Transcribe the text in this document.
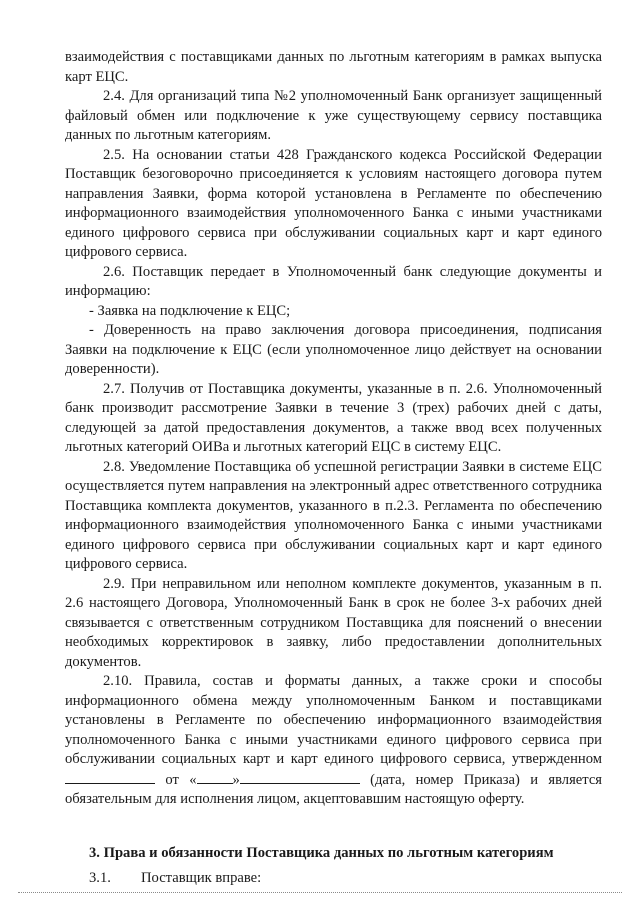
взаимодействия с поставщиками данных по льготным категориям в рамках выпуска карт ЕЦС.

2.4. Для организаций типа №2 уполномоченный Банк организует защищенный файловый обмен или подключение к уже существующему сервису поставщика данных по льготным категориям.

2.5. На основании статьи 428 Гражданского кодекса Российской Федерации Поставщик безоговорочно присоединяется к условиям настоящего договора путем направления Заявки, форма которой установлена в Регламенте по обеспечению информационного взаимодействия уполномоченного Банка с иными участниками единого цифрового сервиса при обслуживании социальных карт и карт единого цифрового сервиса.

2.6. Поставщик передает в Уполномоченный банк следующие документы и информацию:

- Заявка на подключение к ЕЦС;

- Доверенность на право заключения договора присоединения, подписания Заявки на подключение к ЕЦС (если уполномоченное лицо действует на основании доверенности).

2.7. Получив от Поставщика документы, указанные в п. 2.6. Уполномоченный банк производит рассмотрение Заявки в течение 3 (трех) рабочих дней с даты, следующей за датой предоставления документов, а также ввод всех полученных льготных категорий ОИВа и льготных категорий ЕЦС в систему ЕЦС.

2.8. Уведомление Поставщика об успешной регистрации Заявки в системе ЕЦС осуществляется путем направления на электронный адрес ответственного сотрудника Поставщика комплекта документов, указанного в п.2.3. Регламента по обеспечению информационного взаимодействия уполномоченного Банка с иными участниками единого цифрового сервиса при обслуживании социальных карт и карт единого цифрового сервиса.

2.9. При неправильном или неполном комплекте документов, указанным в п. 2.6 настоящего Договора, Уполномоченный Банк в срок не более 3-х рабочих дней связывается с ответственным сотрудником Поставщика для пояснений о внесении необходимых корректировок в заявку, либо предоставлении дополнительных документов.

2.10. Правила, состав и форматы данных, а также сроки и способы информационного обмена между уполномоченным Банком и поставщиками установлены в Регламенте по обеспечению информационного взаимодействия уполномоченного Банка с иными участниками единого цифрового сервиса при обслуживании социальных карт и карт единого цифрового сервиса, утвержденном  от « »	(дата, номер Приказа) и является обязательным для исполнения лицом, акцептовавшим настоящую оферту.

3. Права и обязанности Поставщика данных по льготным категориям

3.1. Поставщик вправе:
